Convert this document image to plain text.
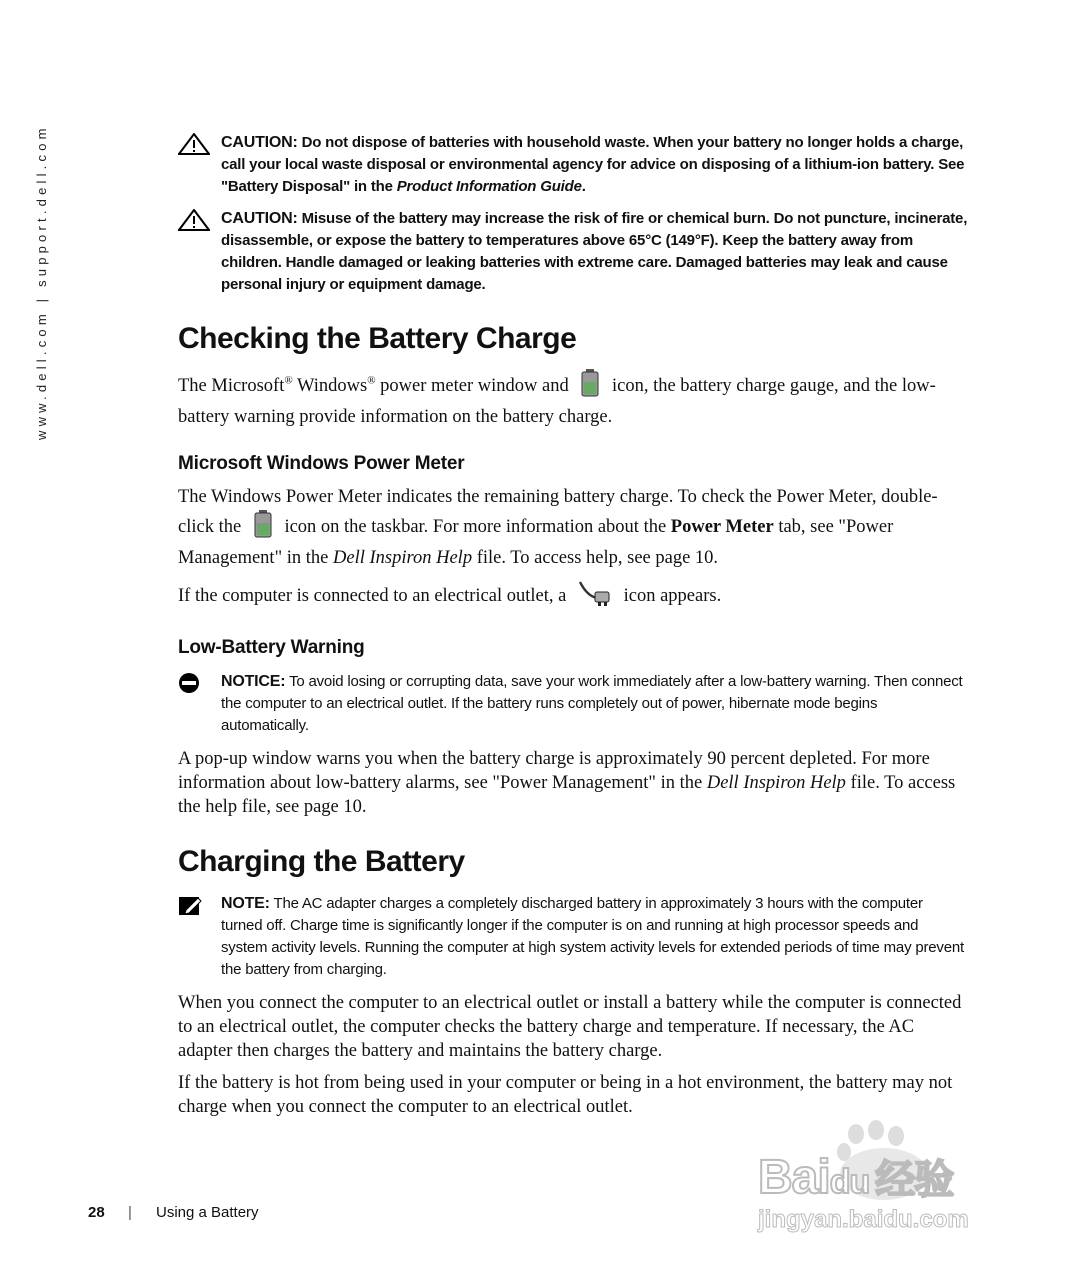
www.dell.com | support.dell.com	CAUTION: Do not dispose of batteries with household waste. When your battery no longer holds a charge, call your local waste disposal or environmental agency for advice on disposing of a lithium-ion battery. See "Battery Disposal" in the Product Information Guide.
CAUTION: Misuse of the battery may increase the risk of fire or chemical burn. Do not puncture, incinerate, disassemble, or expose the battery to temperatures above 65°C (149°F). Keep the battery away from children. Handle damaged or leaking batteries with extreme care. Damaged batteries may leak and cause personal injury or equipment damage.
Checking the Battery Charge

The Microsoft® Windows® power meter window and icon, the battery charge gauge, and the low-battery warning provide information on the battery charge.

Microsoft Windows Power Meter

The Windows Power Meter indicates the remaining battery charge. To check the Power Meter, double-click the icon on the taskbar. For more information about the Power Meter tab, see "Power Management" in the Dell Inspiron Help file. To access help, see page 10.

If the computer is connected to an electrical outlet, a	icon appears.

Low-Battery Warning
NOTICE: To avoid losing or corrupting data, save your work immediately after a low-battery warning. Then connect the computer to an electrical outlet. If the battery runs completely out of power, hibernate mode begins automatically.

A pop-up window warns you when the battery charge is approximately 90 percent depleted. For more information about low-battery alarms, see "Power Management" in the Dell Inspiron Help file. To access the help file, see page 10.

Charging the Battery
NOTE: The AC adapter charges a completely discharged battery in approximately 3 hours with the computer turned off. Charge time is significantly longer if the computer is on and running at high processor speeds and system activity levels. Running the computer at high system activity levels for extended periods of time may prevent the battery from charging.

When you connect the computer to an electrical outlet or install a battery while the computer is connected to an electrical outlet, the computer checks the battery charge and temperature. If necessary, the AC adapter then charges the battery and maintains the battery charge.

If the battery is hot from being used in your computer or being in a hot environment, the battery may not charge when you connect the computer to an electrical outlet.

28 | Using a Battery
Baidu 经验
jingyan.baidu.com
